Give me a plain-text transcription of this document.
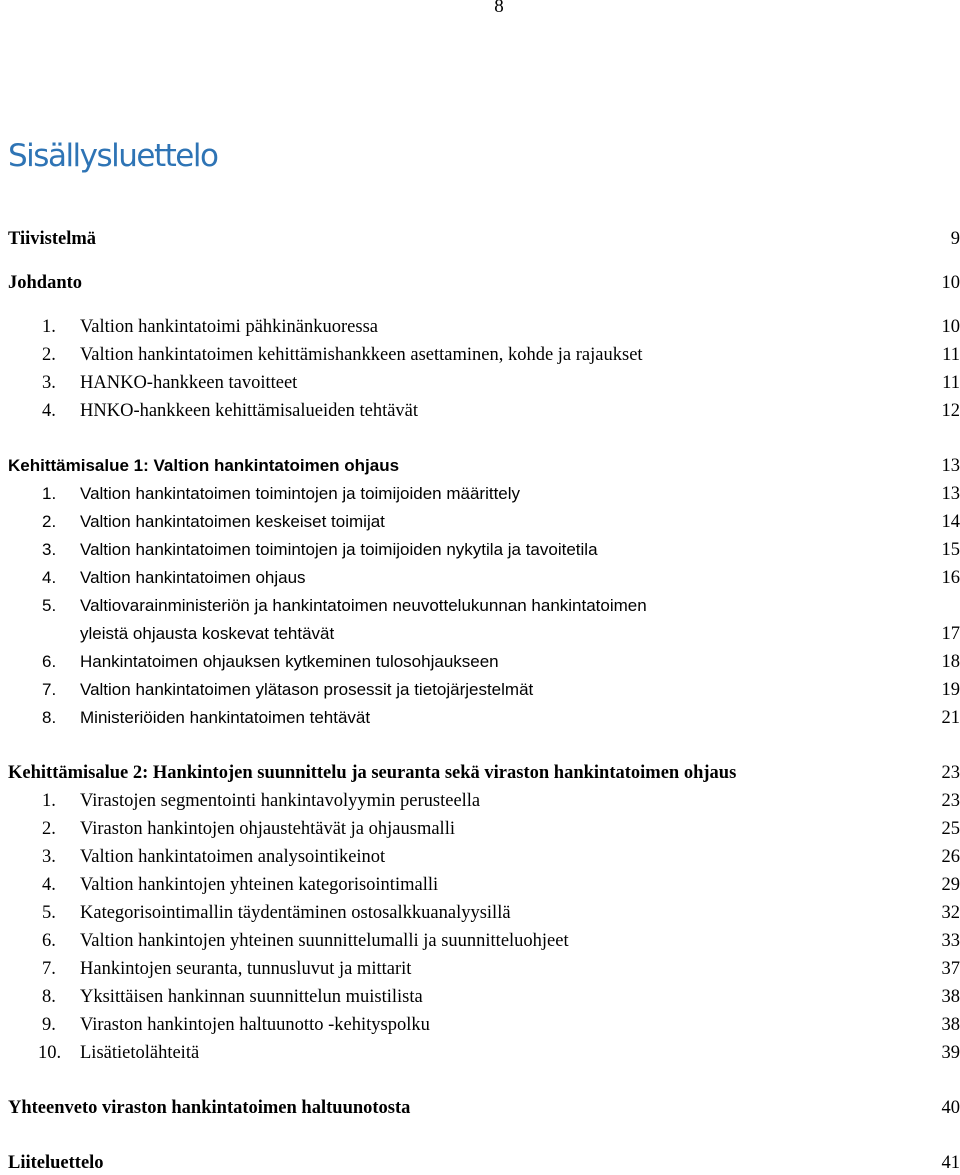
8
Sisällysluettelo
Tiivistelmä	9
Johdanto	10
1. Valtion hankintatoimi pähkinänkuoressa	10
2. Valtion hankintatoimen kehittämishankkeen asettaminen, kohde ja rajaukset	11
3. HANKO-hankkeen tavoitteet	11
4. HNKO-hankkeen kehittämisalueiden tehtävät	12
Kehittämisalue 1: Valtion hankintatoimen ohjaus	13
1. Valtion hankintatoimen toimintojen ja toimijoiden määrittely	13
2. Valtion hankintatoimen keskeiset toimijat	14
3. Valtion hankintatoimen toimintojen ja toimijoiden nykytila ja tavoitetila	15
4. Valtion hankintatoimen ohjaus	16
5. Valtiovarainministeriön ja hankintatoimen neuvottelukunnan hankintatoimen
yleistä ohjausta koskevat tehtävät	17
6. Hankintatoimen ohjauksen kytkeminen tulosohjaukseen	18
7. Valtion hankintatoimen ylätason prosessit ja tietojärjestelmät	19
8. Ministeriöiden hankintatoimen tehtävät	21
Kehittämisalue 2: Hankintojen suunnittelu ja seuranta sekä viraston hankintatoimen ohjaus	23
1. Virastojen segmentointi hankintavolyymin perusteella	23
2. Viraston hankintojen ohjaustehtävät ja ohjausmalli	25
3. Valtion hankintatoimen analysointikeinot	26
4. Valtion hankintojen yhteinen kategorisointimalli	29
5. Kategorisointimallin täydentäminen ostosalkkuanalyysillä	32
6. Valtion hankintojen yhteinen suunnittelumalli ja suunnitteluohjeet	33
7. Hankintojen seuranta, tunnusluvut ja mittarit	37
8. Yksittäisen hankinnan suunnittelun muistilista	38
9. Viraston hankintojen haltuunotto -kehityspolku	38
10. Lisätietolähteitä	39
Yhteenveto viraston hankintatoimen haltuunotosta	40
Liiteluettelo	41
